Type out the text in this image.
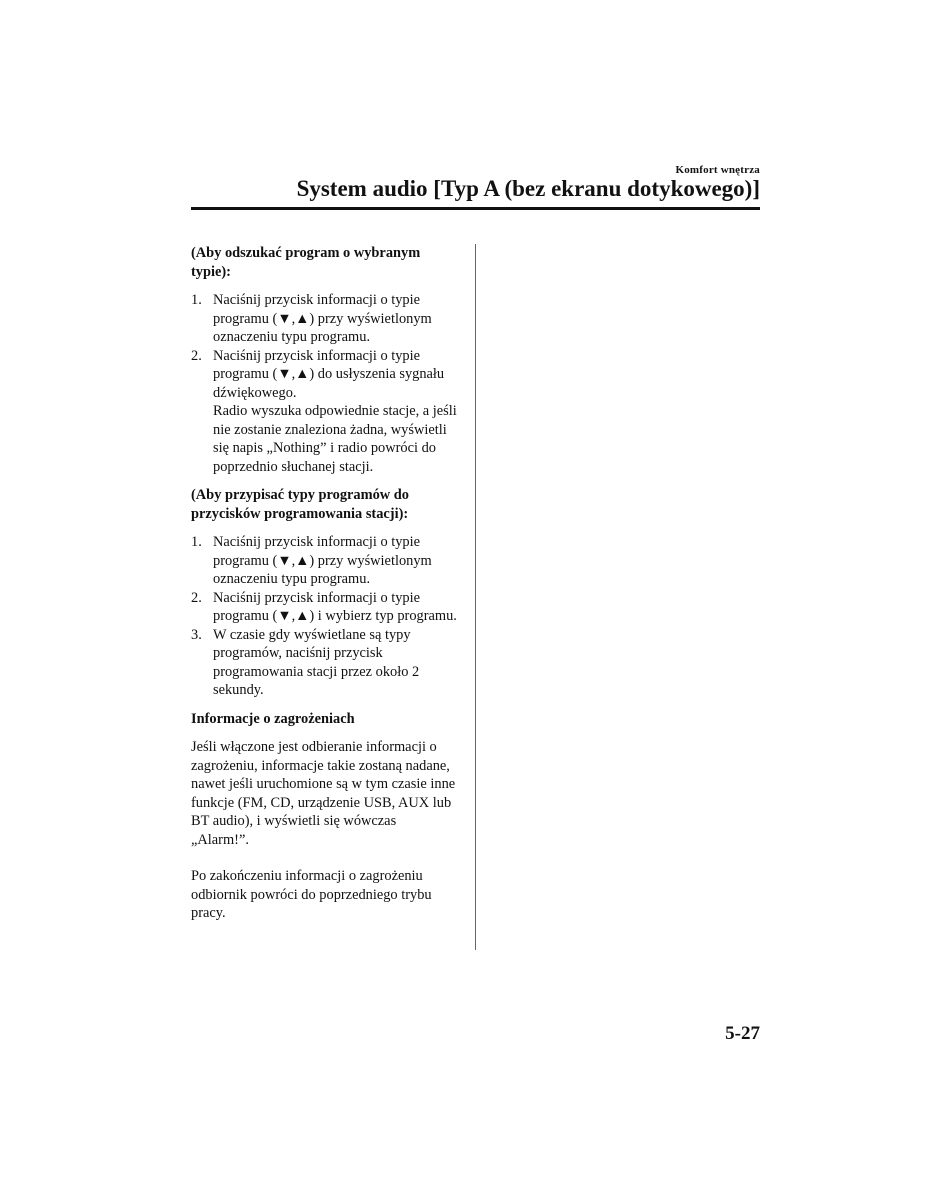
Komfort wnętrza
System audio [Typ A (bez ekranu dotykowego)]
(Aby odszukać program o wybranym typie):
1. Naciśnij przycisk informacji o typie programu (▼,▲) przy wyświetlonym oznaczeniu typu programu.
2. Naciśnij przycisk informacji o typie programu (▼,▲) do usłyszenia sygnału dźwiękowego.
Radio wyszuka odpowiednie stacje, a jeśli nie zostanie znaleziona żadna, wyświetli się napis „Nothing” i radio powróci do poprzednio słuchanej stacji.
(Aby przypisać typy programów do przycisków programowania stacji):
1. Naciśnij przycisk informacji o typie programu (▼,▲) przy wyświetlonym oznaczeniu typu programu.
2. Naciśnij przycisk informacji o typie programu (▼,▲) i wybierz typ programu.
3. W czasie gdy wyświetlane są typy programów, naciśnij przycisk programowania stacji przez około 2 sekundy.
Informacje o zagrożeniach

Jeśli włączone jest odbieranie informacji o zagrożeniu, informacje takie zostaną nadane, nawet jeśli uruchomione są w tym czasie inne funkcje (FM, CD, urządzenie USB, AUX lub BT audio), i wyświetli się wówczas „Alarm!”.

Po zakończeniu informacji o zagrożeniu odbiornik powróci do poprzedniego trybu pracy.

5-27
